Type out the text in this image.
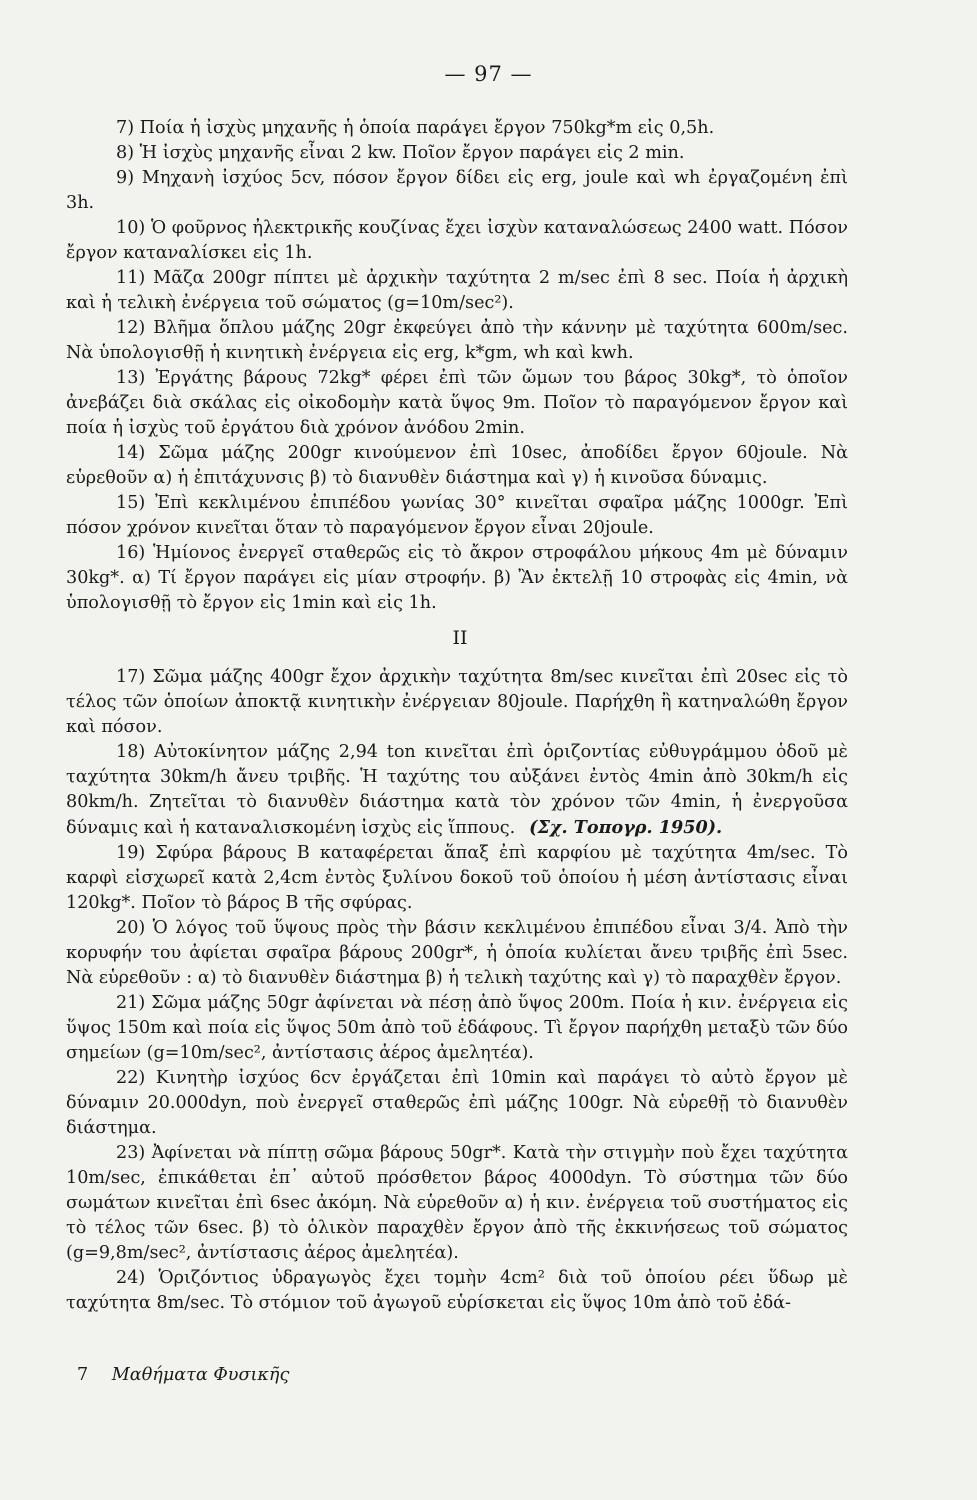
— 97 —

7) Ποία ἡ ἰσχὺς μηχανῆς ἡ ὁποία παράγει ἔργον 750kg*m εἰς 0,5h.

8) Ἡ ἰσχὺς μηχανῆς εἶναι 2 kw. Ποῖον ἔργον παράγει εἰς 2 min.

9) Μηχανὴ ἰσχύος 5cv, πόσον ἔργον δίδει εἰς erg, joule καὶ wh ἐργαζομένη ἐπὶ 3h.

10) Ὁ φοῦρνος ἠλεκτρικῆς κουζίνας ἔχει ἰσχὺν καταναλώσεως 2400 watt. Πόσον ἔργον καταναλίσκει εἰς 1h.

11) Μᾶζα 200gr πίπτει μὲ ἀρχικὴν ταχύτητα 2 m/sec ἐπὶ 8 sec. Ποία ἡ ἀρχικὴ καὶ ἡ τελικὴ ἐνέργεια τοῦ σώματος (g=10m/sec²).

12) Βλῆμα ὅπλου μάζης 20gr ἐκφεύγει ἀπὸ τὴν κάννην μὲ ταχύτητα 600m/sec. Νὰ ὑπολογισθῇ ἡ κινητικὴ ἐνέργεια εἰς erg, k*gm, wh καὶ kwh.

13) Ἐργάτης βάρους 72kg* φέρει ἐπὶ τῶν ὤμων του βάρος 30kg*, τὸ ὁποῖον ἀνεβάζει διὰ σκάλας εἰς οἰκοδομὴν κατὰ ὕψος 9m. Ποῖον τὸ παραγόμενον ἔργον καὶ ποία ἡ ἰσχὺς τοῦ ἐργάτου διὰ χρόνον ἀνόδου 2min.

14) Σῶμα μάζης 200gr κινούμενον ἐπὶ 10sec, ἀποδίδει ἔργον 60joule. Νὰ εὑρεθοῦν α) ἡ ἐπιτάχυνσις β) τὸ διανυθὲν διάστημα καὶ γ) ἡ κινοῦσα δύναμις.

15) Ἐπὶ κεκλιμένου ἐπιπέδου γωνίας 30° κινεῖται σφαῖρα μάζης 1000gr. Ἐπὶ πόσον χρόνον κινεῖται ὅταν τὸ παραγόμενον ἔργον εἶναι 20joule.

16) Ἡμίονος ἐνεργεῖ σταθερῶς εἰς τὸ ἄκρον στροφάλου μήκους 4m μὲ δύναμιν 30kg*. α) Τί ἔργον παράγει εἰς μίαν στροφήν. β) Ἂν ἐκτελῇ 10 στροφὰς εἰς 4min, νὰ ὑπολογισθῇ τὸ ἔργον εἰς 1min καὶ εἰς 1h.

II

17) Σῶμα μάζης 400gr ἔχον ἀρχικὴν ταχύτητα 8m/sec κινεῖται ἐπὶ 20sec εἰς τὸ τέλος τῶν ὁποίων ἀποκτᾷ κινητικὴν ἐνέργειαν 80joule. Παρήχθη ἢ κατηναλώθη ἔργον καὶ πόσον.

18) Αὐτοκίνητον μάζης 2,94 ton κινεῖται ἐπὶ ὁριζοντίας εὐθυγράμμου ὁδοῦ μὲ ταχύτητα 30km/h ἄνευ τριβῆς. Ἡ ταχύτης του αὐξάνει ἐντὸς 4min ἀπὸ 30km/h εἰς 80km/h. Ζητεῖται τὸ διανυθὲν διάστημα κατὰ τὸν χρόνον τῶν 4min, ἡ ἐνεργοῦσα δύναμις καὶ ἡ καταναλισκομένη ἰσχὺς εἰς ἵππους. (Σχ. Τοπογρ. 1950).

19) Σφύρα βάρους Β καταφέρεται ἅπαξ ἐπὶ καρφίου μὲ ταχύτητα 4m/sec. Τὸ καρφὶ εἰσχωρεῖ κατὰ 2,4cm ἐντὸς ξυλίνου δοκοῦ τοῦ ὁποίου ἡ μέση ἀντίστασις εἶναι 120kg*. Ποῖον τὸ βάρος Β τῆς σφύρας.

20) Ὁ λόγος τοῦ ὕψους πρὸς τὴν βάσιν κεκλιμένου ἐπιπέδου εἶναι 3/4. Ἀπὸ τὴν κορυφήν του ἀφίεται σφαῖρα βάρους 200gr*, ἡ ὁποία κυλίεται ἄνευ τριβῆς ἐπὶ 5sec. Νὰ εὑρεθοῦν : α) τὸ διανυθὲν διάστημα β) ἡ τελικὴ ταχύτης καὶ γ) τὸ παραχθὲν ἔργον.

21) Σῶμα μάζης 50gr ἀφίνεται νὰ πέσῃ ἀπὸ ὕψος 200m. Ποία ἡ κιν. ἐνέργεια εἰς ὕψος 150m καὶ ποία εἰς ὕψος 50m ἀπὸ τοῦ ἐδάφους. Τὶ ἔργον παρήχθη μεταξὺ τῶν δύο σημείων (g=10m/sec², ἀντίστασις ἀέρος ἀμελητέα).

22) Κινητὴρ ἰσχύος 6cv ἐργάζεται ἐπὶ 10min καὶ παράγει τὸ αὐτὸ ἔργον μὲ δύναμιν 20.000dyn, ποὺ ἐνεργεῖ σταθερῶς ἐπὶ μάζης 100gr. Νὰ εὑρεθῇ τὸ διανυθὲν διάστημα.

23) Ἀφίνεται νὰ πίπτῃ σῶμα βάρους 50gr*. Κατὰ τὴν στιγμὴν ποὺ ἔχει ταχύτητα 10m/sec, ἐπικάθεται ἐπ᾽ αὐτοῦ πρόσθετον βάρος 4000dyn. Τὸ σύστημα τῶν δύο σωμάτων κινεῖται ἐπὶ 6sec ἀκόμη. Νὰ εὑρεθοῦν α) ἡ κιν. ἐνέργεια τοῦ συστήματος εἰς τὸ τέλος τῶν 6sec. β) τὸ ὁλικὸν παραχθὲν ἔργον ἀπὸ τῆς ἐκκινήσεως τοῦ σώματος (g=9,8m/sec², ἀντίστασις ἀέρος ἀμελητέα).

24) Ὁριζόντιος ὑδραγωγὸς ἔχει τομὴν 4cm² διὰ τοῦ ὁποίου ρέει ὕδωρ μὲ ταχύτητα 8m/sec. Τὸ στόμιον τοῦ ἀγωγοῦ εὑρίσκεται εἰς ὕψος 10m ἀπὸ τοῦ ἐδά-

7 Μαθήματα Φυσικῆς
